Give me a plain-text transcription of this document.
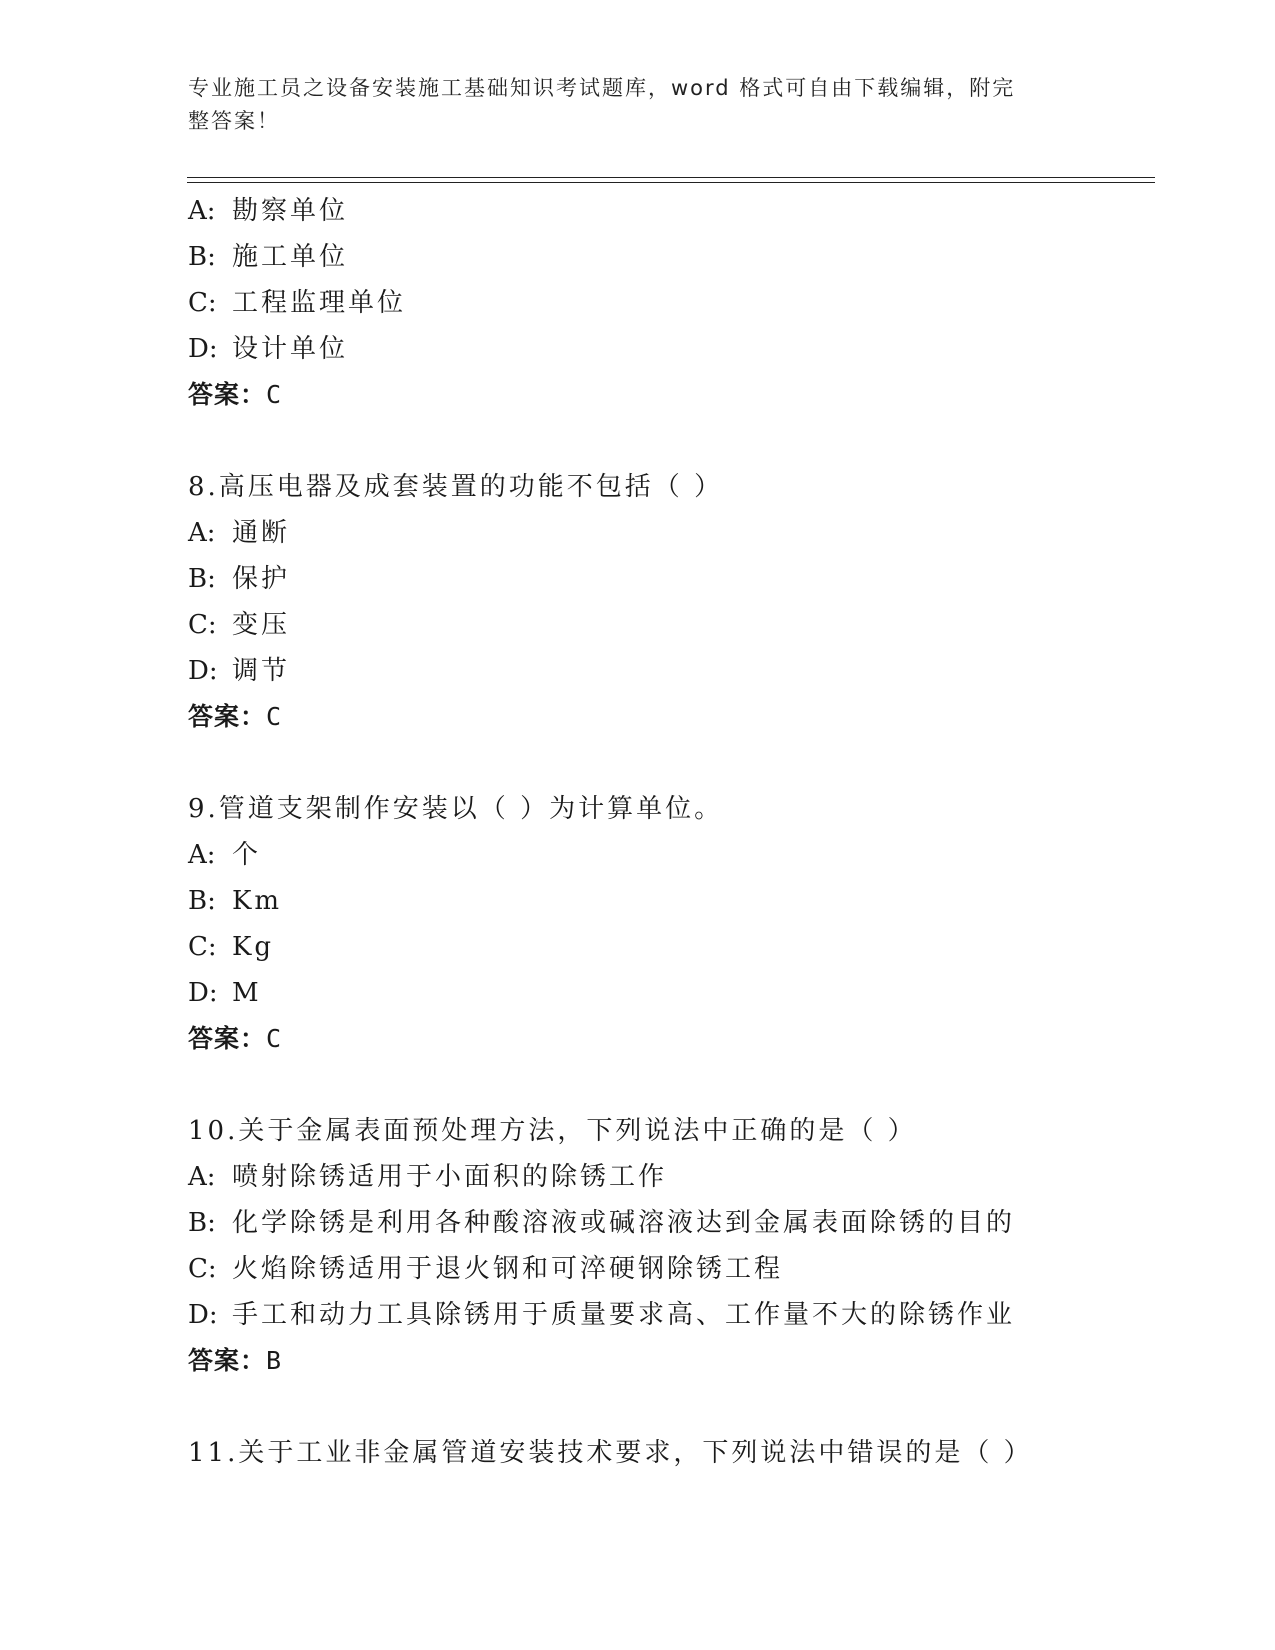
专业施工员之设备安装施工基础知识考试题库，word 格式可自由下载编辑，附完
整答案！
A: 勘察单位
B: 施工单位
C: 工程监理单位
D: 设计单位
答案：C
8.高压电器及成套装置的功能不包括（ ）
A: 通断
B: 保护
C: 变压
D: 调节
答案：C
9.管道支架制作安装以（ ）为计算单位。
A: 个
B: Km
C: Kg
D: M
答案：C
10.关于金属表面预处理方法，下列说法中正确的是（ ）
A: 喷射除锈适用于小面积的除锈工作
B: 化学除锈是利用各种酸溶液或碱溶液达到金属表面除锈的目的
C: 火焰除锈适用于退火钢和可淬硬钢除锈工程
D: 手工和动力工具除锈用于质量要求高、工作量不大的除锈作业
答案：B
11.关于工业非金属管道安装技术要求，下列说法中错误的是（ ）
